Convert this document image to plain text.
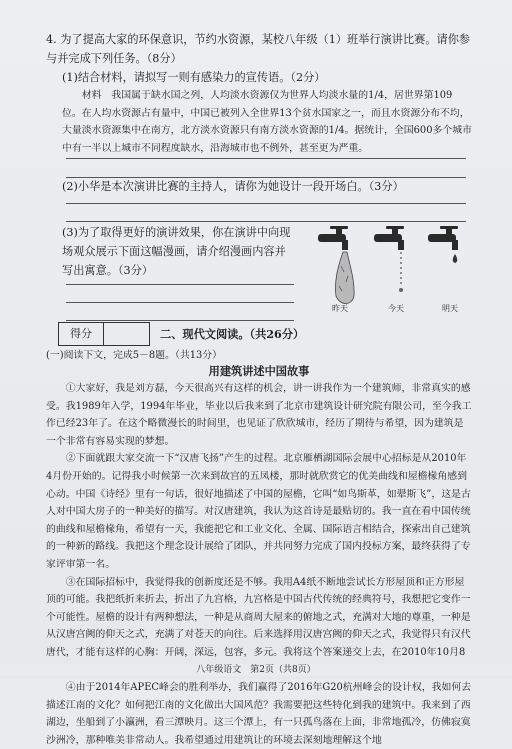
4. 为了提高大家的环保意识，节约水资源，某校八年级（1）班举行演讲比赛。请你参与并完成下列任务。（8分）

(1)结合材料，请拟写一则有感染力的宣传语。（2分）

材料　我国属于缺水国之列，人均淡水资源仅为世界人均淡水量的1/4，居世界第109位。在人均水资源占有量中，中国已被列入全世界13个贫水国家之一，而且水资源分布不均，大量淡水资源集中在南方，北方淡水资源只有南方淡水资源的1/4。据统计，全国600多个城市中有一半以上城市不同程度缺水，沿海城市也不例外，甚至更为严重。

(2)小华是本次演讲比赛的主持人，请你为她设计一段开场白。（3分）

(3)为了取得更好的演讲效果，你在演讲中向现场观众展示下面这幅漫画，请介绍漫画内容并写出寓意。（3分）

昨天	今天	明天
得分	二、现代文阅读。（共26分）

(一)阅读下文，完成5－8题。（共13分）

用建筑讲述中国故事

①大家好，我是刘方磊，今天很高兴有这样的机会，讲一讲我作为一个建筑师，非常真实的感受。我1989年入学，1994年毕业，毕业以后我来到了北京市建筑设计研究院有限公司，至今我工作已经23年了。在这个略微漫长的时间里，也见证了欣欣城市，经历了期待与希望，因为建筑是一个非常有容易实现的梦想。

②下面就跟大家交流一下“汉唐飞扬”产生的过程。北京雁栖湖国际会展中心招标是从2010年4月份开始的。记得我小时候第一次来到故宫的五凤楼，那时就欣赏它的优美曲线和屋檐椽角感到心动。中国《诗经》里有一句话，很好地描述了中国的屋檐，它叫“如鸟斯革，如翚斯飞”，这是古人对中国大房子的一种美好的描写。对汉唐建筑，我认为这首诗是最贴切的。我一直在看中国传统的曲线和屋檐椽角，希望有一天，我能把它和工业文化、全属、国际语言相结合，探索出自己建筑的一种新的路线。我把这个理念设计展给了团队，并共同努力完成了国内投标方案，最终获得了专家评审第一名。

③在国际招标中，我觉得我的创新度还是不够。我用A4纸不断地尝试长方形屋顶和正方形屋顶的可能。我把纸折来折去，折出了九宫格，九宫格是中国古代传统的经典符号，我想把它变作一个可能性。屋檐的设计有两种想法，一种是从商周大屋来的俯地之式，充满对大地的尊重，一种是从汉唐宫阙的仰天之式，充满了对苍天的向往。后来选择用汉唐宫阙的仰天之式，我觉得只有汉代唐代，才能有这样的心胸：开阔，深远，包容，多元。我将这个答案递交上去，在2010年10月8

④由于2014年APEC峰会的胜利举办，我们赢得了2016年G20杭州峰会的设计权，我如何去描述江南的文化？如何把江南的文化做出大国风范？我需要把这些特化到我的建筑中。我来到了西湖边，坐船到了小瀛洲，看三潭映月。这三个潭上，有一只孤鸟落在上面，非常地孤冷，仿佛寂寞沙洲冷，那种唯美非常动人。我希望通过用建筑让的环境去深刻地理解这个地

八年级语文　第2页（共8页）
